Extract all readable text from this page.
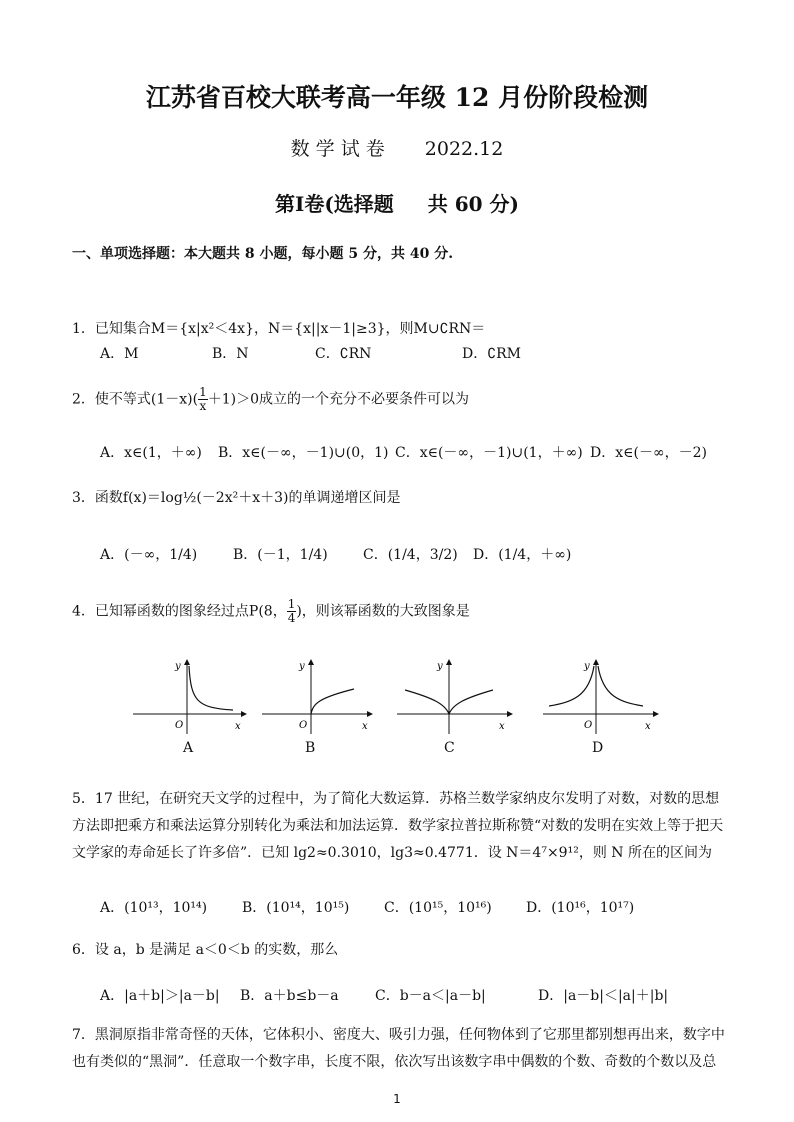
江苏省百校大联考高一年级 12 月份阶段检测
数 学 试 卷 2022.12
第Ⅰ卷(选择题 共 60 分)
一、单项选择题：本大题共 8 小题，每小题 5 分，共 40 分.
1．已知集合M＝{x|x²＜4x}，N＝{x||x－1|≥3}，则M∪∁RN＝
A．M	B．N	C．∁RN	D．∁RM
2．使不等式$(1-x)( \frac{1}{x} +1)>0$成立的一个充分不必要条件可以为
A．x∈(1，＋∞) B．x∈(－∞，－1)∪(0，1) C．x∈(－∞，－1)∪(1，＋∞) D．x∈(－∞，－2)
3．函数f(x)＝log½(－2x²＋x＋3)的单调递增区间是
A．(－∞，1/4)	B．(－1，1/4)	C．(1/4，3/2) D．(1/4，＋∞)
4．已知幂函数的图象经过点P(8， $\frac{1}{4}$ )，则该幂函数的大致图象是
y
O	x
A
y
O	x
B
y
x
C
y
O	x
D
5．17 世纪，在研究天文学的过程中，为了简化大数运算．苏格兰数学家纳皮尔发明了对数，对数的思想方法即把乘方和乘法运算分别转化为乘法和加法运算．数学家拉普拉斯称赞“对数的发明在实效上等于把天文学家的寿命延长了许多倍”．已知 lg2≈0.3010，lg3≈0.4771．设 N＝4⁷×9¹²，则 N 所在的区间为
A．(10¹³，10¹⁴) B．(10¹⁴，10¹⁵) C．(10¹⁵，10¹⁶) D．(10¹⁶，10¹⁷)
6．设 a，b 是满足 a＜0＜b 的实数，那么
A．|a＋b|＞|a－b| B．a＋b≤b－a	C．b－a＜|a－b|	D．|a－b|＜|a|＋|b|
7．黑洞原指非常奇怪的天体，它体积小、密度大、吸引力强，任何物体到了它那里都别想再出来，数字中也有类似的“黑洞”．任意取一个数字串，长度不限，依次写出该数字串中偶数的个数、奇数的个数以及总
1
